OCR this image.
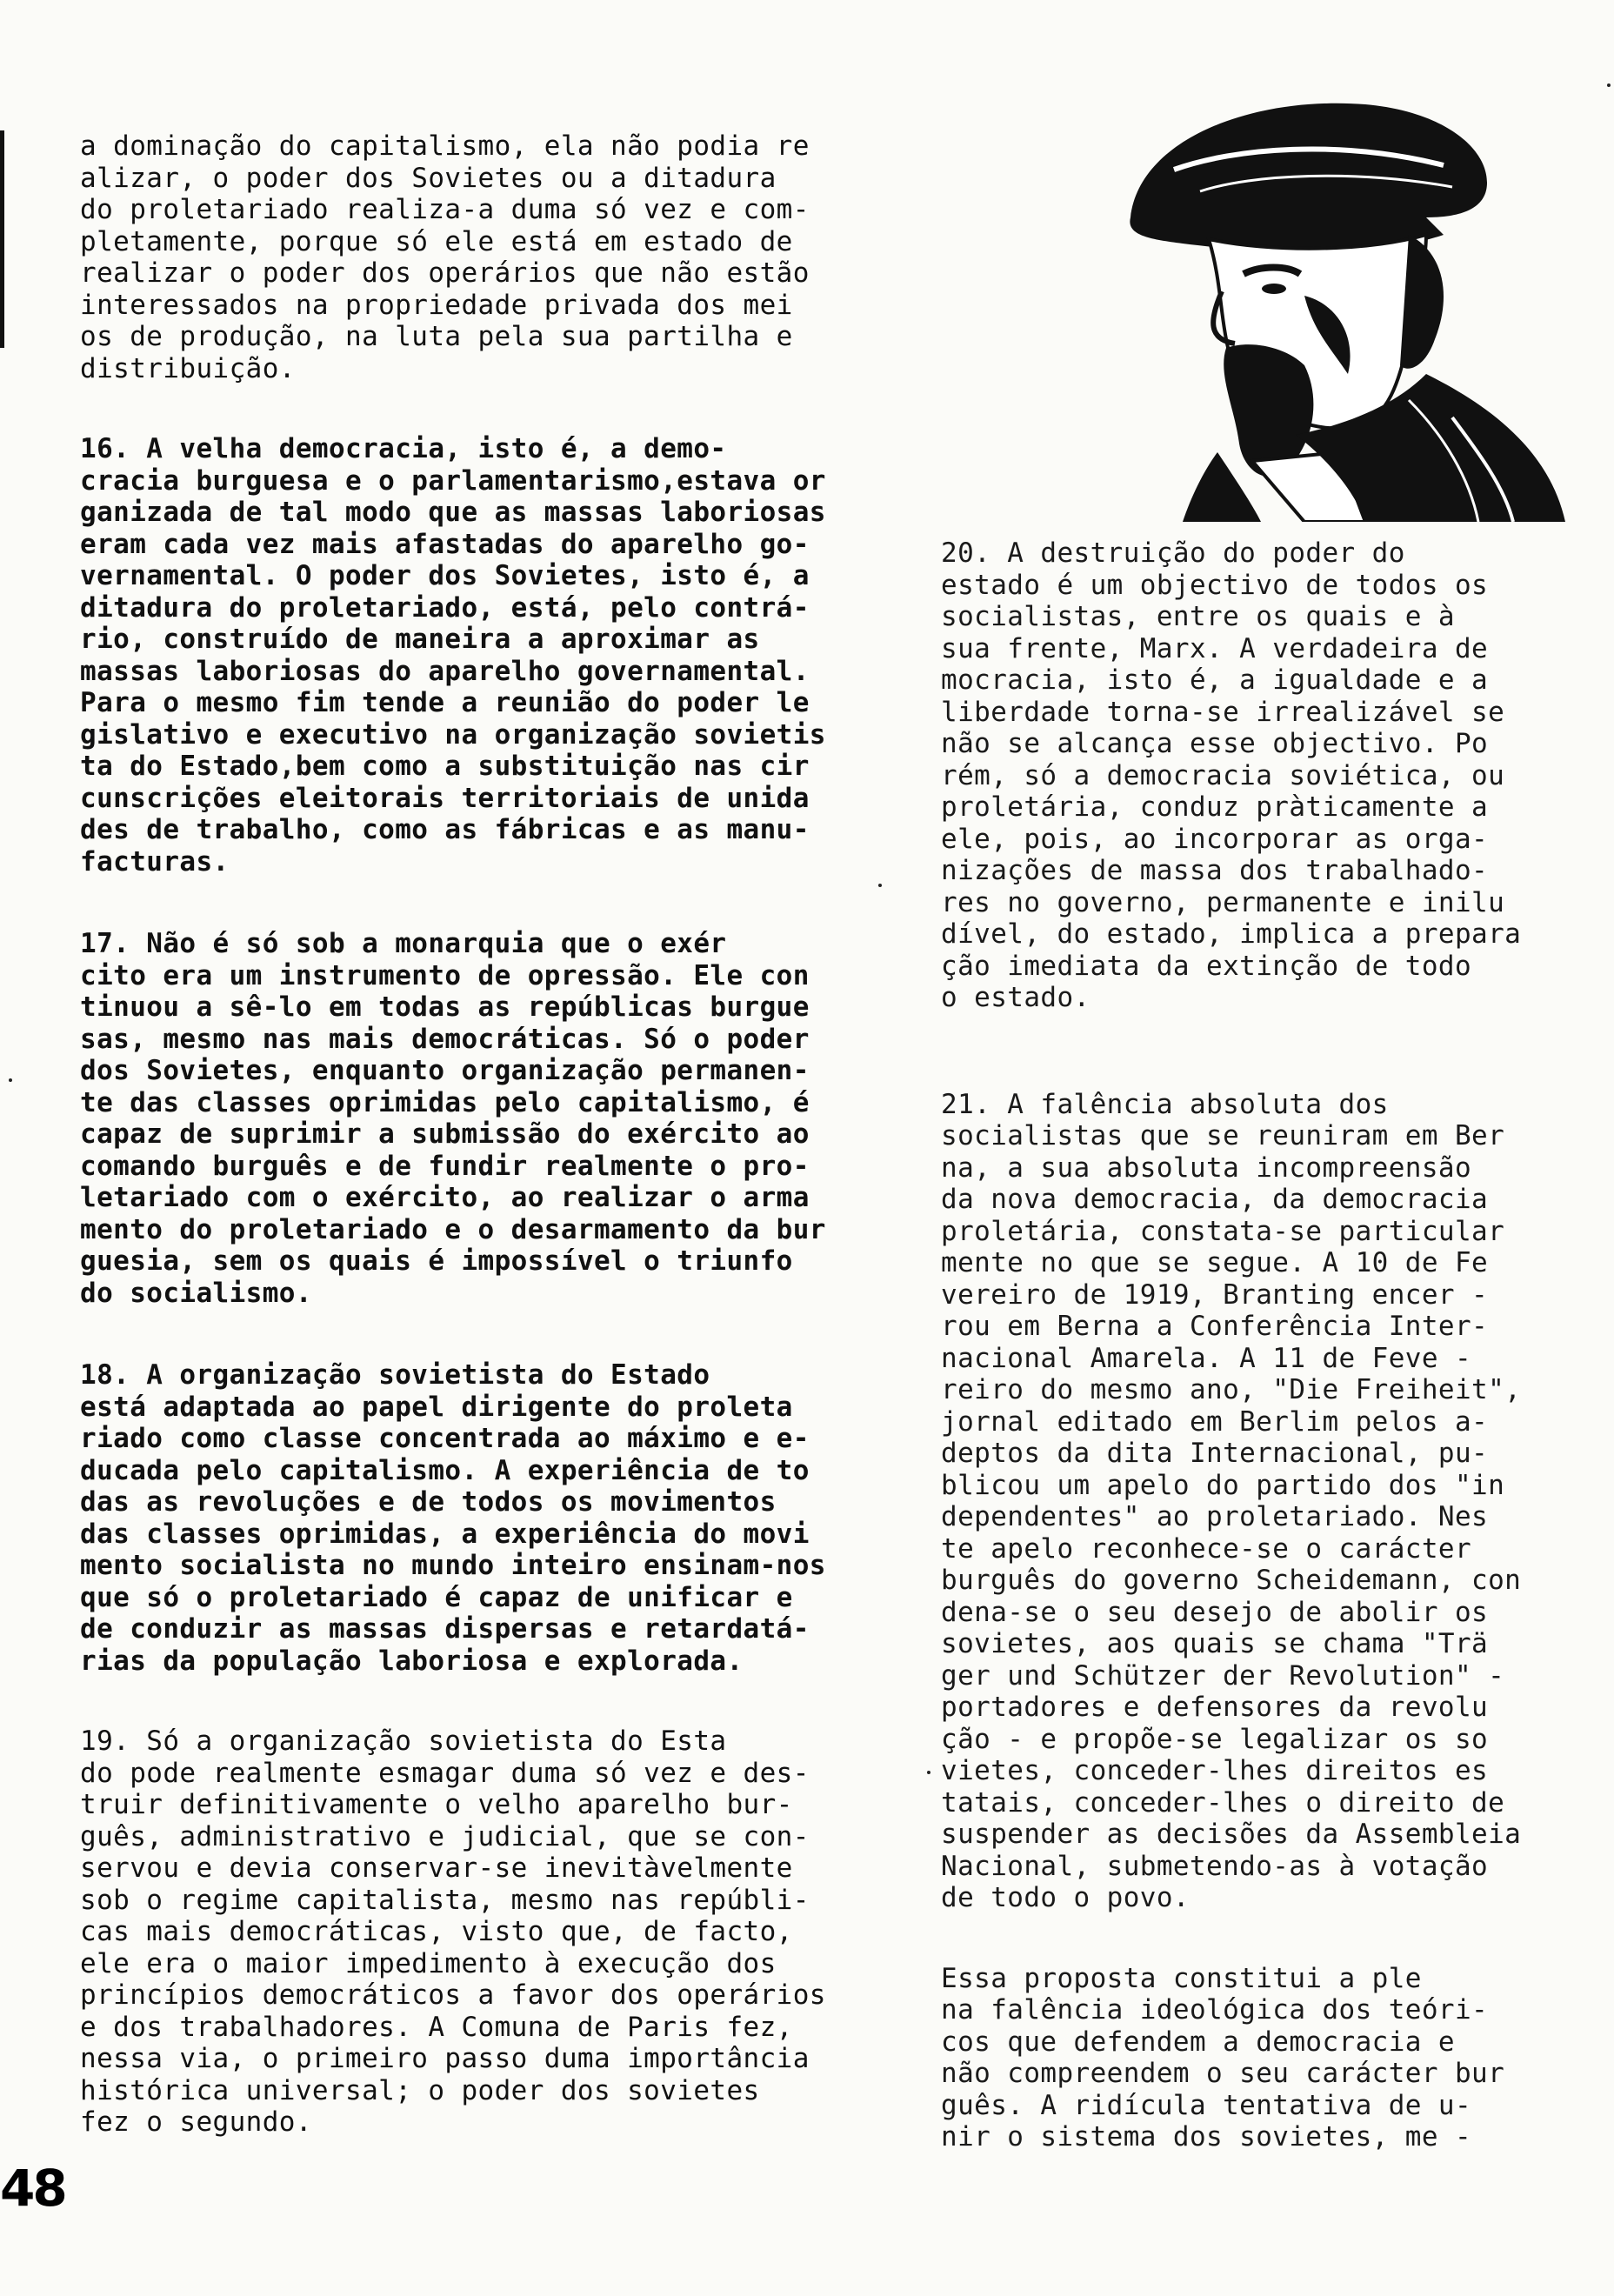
a dominação do capitalismo, ela não podia re
alizar, o poder dos Sovietes ou a ditadura
do proletariado realiza-a duma só vez e com-
pletamente, porque só ele está em estado de
realizar o poder dos operários que não estão
interessados na propriedade privada dos mei
os de produção, na luta pela sua partilha e
distribuição.

16. A velha democracia, isto é, a demo-
cracia burguesa e o parlamentarismo,estava or
ganizada de tal modo que as massas laboriosas
eram cada vez mais afastadas do aparelho go-
vernamental. O poder dos Sovietes, isto é, a
ditadura do proletariado, está, pelo contrá-
rio, construído de maneira a aproximar as
massas laboriosas do aparelho governamental.
Para o mesmo fim tende a reunião do poder le
gislativo e executivo na organização sovietis
ta do Estado,bem como a substituição nas cir
cunscrições eleitorais territoriais de unida
des de trabalho, como as fábricas e as manu-
facturas.

17. Não é só sob a monarquia que o exér
cito era um instrumento de opressão. Ele con
tinuou a sê-lo em todas as repúblicas burgue
sas, mesmo nas mais democráticas. Só o poder
dos Sovietes, enquanto organização permanen-
te das classes oprimidas pelo capitalismo, é
capaz de suprimir a submissão do exército ao
comando burguês e de fundir realmente o pro-
letariado com o exército, ao realizar o arma
mento do proletariado e o desarmamento da bur
guesia, sem os quais é impossível o triunfo
do socialismo.

18. A organização sovietista do Estado
está adaptada ao papel dirigente do proleta
riado como classe concentrada ao máximo e e-
ducada pelo capitalismo. A experiência de to
das as revoluções e de todos os movimentos
das classes oprimidas, a experiência do movi
mento socialista no mundo inteiro ensinam-nos
que só o proletariado é capaz de unificar e
de conduzir as massas dispersas e retardatá-
rias da população laboriosa e explorada.

19. Só a organização sovietista do Esta
do pode realmente esmagar duma só vez e des-
truir definitivamente o velho aparelho bur-
guês, administrativo e judicial, que se con-
servou e devia conservar-se inevitàvelmente
sob o regime capitalista, mesmo nas repúbli-
cas mais democráticas, visto que, de facto,
ele era o maior impedimento à execução dos
princípios democráticos a favor dos operários
e dos trabalhadores. A Comuna de Paris fez,
nessa via, o primeiro passo duma importância
histórica universal; o poder dos sovietes
fez o segundo.

20. A destruição do poder do
estado é um objectivo de todos os
socialistas, entre os quais e à
sua frente, Marx. A verdadeira de
mocracia, isto é, a igualdade e a
liberdade torna-se irrealizável se
não se alcança esse objectivo. Po
rém, só a democracia soviética, ou
proletária, conduz pràticamente a
ele, pois, ao incorporar as orga-
nizações de massa dos trabalhado-
res no governo, permanente e inilu
dível, do estado, implica a prepara
ção imediata da extinção de todo
o estado.

21. A falência absoluta dos
socialistas que se reuniram em Ber
na, a sua absoluta incompreensão
da nova democracia, da democracia
proletária, constata-se particular
mente no que se segue. A 10 de Fe
vereiro de 1919, Branting encer -
rou em Berna a Conferência Inter-
nacional Amarela. A 11 de Feve -
reiro do mesmo ano, "Die Freiheit",
jornal editado em Berlim pelos a-
deptos da dita Internacional, pu-
blicou um apelo do partido dos "in
dependentes" ao proletariado. Nes
te apelo reconhece-se o carácter
burguês do governo Scheidemann, con
dena-se o seu desejo de abolir os
sovietes, aos quais se chama "Trä
ger und Schützer der Revolution" -
portadores e defensores da revolu
ção - e propõe-se legalizar os so
vietes, conceder-lhes direitos es
tatais, conceder-lhes o direito de
suspender as decisões da Assembleia
Nacional, submetendo-as à votação
de todo o povo.

Essa proposta constitui a ple
na falência ideológica dos teóri-
cos que defendem a democracia e
não compreendem o seu carácter bur
guês. A ridícula tentativa de u-
nir o sistema dos sovietes, me -

48
